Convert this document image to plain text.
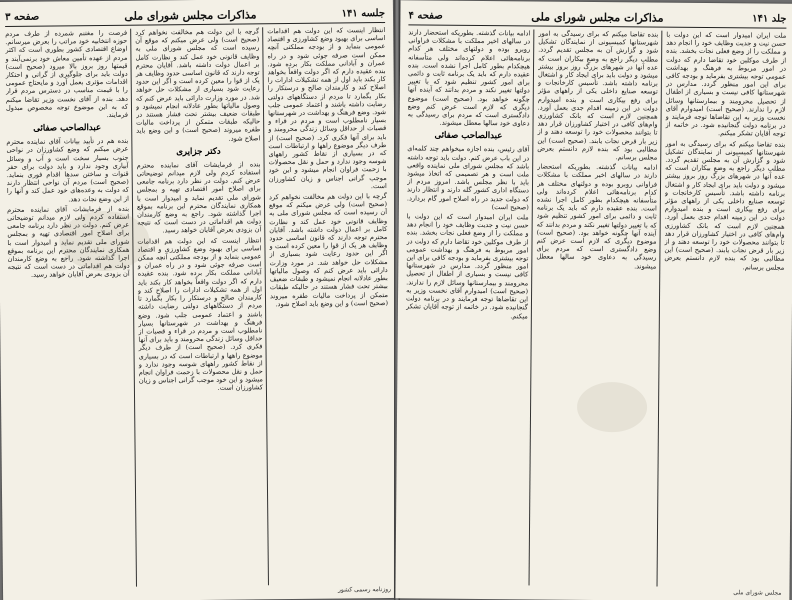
جلسه ۱۴۱
مذاکرات مجلس شورای ملی
صفحه ۳

انتظار اینست که این دولت هم اقدامات اساسی برای بهبود وضع کشاورزی و اقتصاد عمومی بنماید و از بودجه مملکتی آنچه ممکن است صرفه جوئی شود و در راه عمران و آبادانی مملکت بکار برده شود. بنده عقیده دارم که اگر دولت واقعاً بخواهد کار بکند باید اول از همه تشکیلات ادارات را اصلاح کند و کارمندان صالح و درستکار را بکار بگمارد تا مردم از دستگاههای دولتی رضایت داشته باشند و اعتماد عمومی جلب شود. وضع فرهنگ و بهداشت در شهرستانها بسیار نامطلوب است و مردم در قراء و قصبات از حداقل وسائل زندگی محرومند و باید برای آنها فکری کرد. (صحیح است) از طرف دیگر موضوع راهها و ارتباطات است که در بسیاری از نقاط کشور راههای شوسه وجود ندارد و حمل و نقل محصولات با زحمت فراوان انجام میشود و این خود موجب گرانی اجناس و زیان کشاورزان است.

گرچه با این دولت هم مخالفت نخواهم کرد (صحیح است) ولی عرض میکنم که موقع آن رسیده است که مجلس شورای ملی به وظایف قانونی خود عمل کند و نظارت کامل بر اعمال دولت داشته باشد. آقایان محترم توجه دارند که قانون اساسی حدود وظایف هر یک از قوا را معین کرده است و اگر این حدود رعایت شود بسیاری از مشکلات حل خواهد شد. در مورد وزارت دارائی باید عرض کنم که وصول مالیاتها بطور عادلانه انجام نمیشود و طبقات ضعیف بیشتر تحت فشار هستند در حالیکه طبقات متمکن از پرداخت مالیات طفره میروند (صحیح است) و این وضع باید اصلاح شود.

گرچه با این دولت هم مخالفت نخواهم کرد (صحیح است) ولی عرض میکنم که موقع آن رسیده است که مجلس شورای ملی به وظایف قانونی خود عمل کند و نظارت کامل بر اعمال دولت داشته باشد. آقایان محترم توجه دارند که قانون اساسی حدود وظایف هر یک از قوا را معین کرده است و اگر این حدود رعایت شود بسیاری از مشکلات حل خواهد شد. در مورد وزارت دارائی باید عرض کنم که وصول مالیاتها بطور عادلانه انجام نمیشود و طبقات ضعیف بیشتر تحت فشار هستند در حالیکه طبقات متمکن از پرداخت مالیات طفره میروند (صحیح است) و این وضع باید اصلاح شود.

دکتر جزایری

بنده از فرمایشات آقای نماینده محترم استفاده کردم ولی لازم میدانم توضیحاتی عرض کنم. دولت در نظر دارد برنامه جامعی برای اصلاح امور اقتصادی تهیه و بمجلس شورای ملی تقدیم نماید و امیدوار است با همکاری نمایندگان محترم این برنامه بموقع اجرا گذاشته شود. راجع به وضع کارمندان دولت هم اقداماتی در دست است که نتیجه آن بزودی بعرض آقایان خواهد رسید.

انتظار اینست که این دولت هم اقدامات اساسی برای بهبود وضع کشاورزی و اقتصاد عمومی بنماید و از بودجه مملکتی آنچه ممکن است صرفه جوئی شود و در راه عمران و آبادانی مملکت بکار برده شود. بنده عقیده دارم که اگر دولت واقعاً بخواهد کار بکند باید اول از همه تشکیلات ادارات را اصلاح کند و کارمندان صالح و درستکار را بکار بگمارد تا مردم از دستگاههای دولتی رضایت داشته باشند و اعتماد عمومی جلب شود. وضع فرهنگ و بهداشت در شهرستانها بسیار نامطلوب است و مردم در قراء و قصبات از حداقل وسائل زندگی محرومند و باید برای آنها فکری کرد. (صحیح است) از طرف دیگر موضوع راهها و ارتباطات است که در بسیاری از نقاط کشور راههای شوسه وجود ندارد و حمل و نقل محصولات با زحمت فراوان انجام میشود و این خود موجب گرانی اجناس و زیان کشاورزان است.

فرصت را مغتنم شمرده از طرف مردم حوزه انتخابیه خود مراتب را بعرض میرسانم. اوضاع اقتصادی کشور بطوری است که اکثر مردم از عهده تأمین معاش خود برنمی‌آیند و قیمتها روز بروز بالا میرود (صحیح است) دولت باید برای جلوگیری از گرانی و احتکار اقدامات مؤثری بعمل آورد و مایحتاج عمومی را با قیمت مناسب در دسترس مردم قرار دهد. بنده از آقای نخست وزیر تقاضا میکنم که به این موضوع توجه مخصوص مبذول فرمایند.

عبدالصاحب صفائی

بنده هم در تأیید بیانات آقای نماینده محترم عرض میکنم که وضع کشاورزان در نواحی جنوب بسیار سخت است و آب و وسائل آبیاری وجود ندارد و باید دولت برای حفر قنوات و ساختن سدها اقدام فوری بنماید. (صحیح است) مردم آن نواحی انتظار دارند که دولت به وعده‌های خود عمل کند و آنها را از این وضع نجات دهد.

بنده از فرمایشات آقای نماینده محترم استفاده کردم ولی لازم میدانم توضیحاتی عرض کنم. دولت در نظر دارد برنامه جامعی برای اصلاح امور اقتصادی تهیه و بمجلس شورای ملی تقدیم نماید و امیدوار است با همکاری نمایندگان محترم این برنامه بموقع اجرا گذاشته شود. راجع به وضع کارمندان دولت هم اقداماتی در دست است که نتیجه آن بزودی بعرض آقایان خواهد رسید.

روزنامه رسمی کشور
جلد ۱۴۱
مذاکرات مجلس شورای ملی
صفحه ۴

ملت ایران امیدوار است که این دولت با حسن نیت و جدیت وظایف خود را انجام دهد و مملکت را از وضع فعلی نجات بخشد. بنده از طرف موکلین خود تقاضا دارم که دولت در امور مربوط به فرهنگ و بهداشت عمومی توجه بیشتری بفرماید و بودجه کافی برای این امور منظور گردد. مدارس در شهرستانها کافی نیست و بسیاری از اطفال از تحصیل محرومند و بیمارستانها وسائل لازم را ندارند. (صحیح است) امیدوارم آقای نخست وزیر به این تقاضاها توجه فرمایند و در برنامه دولت گنجانیده شود. در خاتمه از توجه آقایان تشکر میکنم.

بنده تقاضا میکنم که برای رسیدگی به امور شهرستانها کمیسیونی از نمایندگان تشکیل شود و گزارش آن به مجلس تقدیم گردد. مطلب دیگر راجع به وضع بیکاران است که عده آنها در شهرهای بزرگ روز بروز بیشتر میشود و دولت باید برای ایجاد کار و اشتغال برنامه داشته باشد. تأسیس کارخانجات و توسعه صنایع داخلی یکی از راههای مؤثر برای رفع بیکاری است و بنده امیدوارم دولت در این زمینه اقدام جدی بعمل آورد. همچنین لازم است که بانک کشاورزی وام‌های کافی در اختیار کشاورزان قرار دهد تا بتوانند محصولات خود را توسعه دهند و از زیر بار قرض نجات یابند. (صحیح است) این مطالبی بود که بنده لازم دانستم بعرض مجلس برسانم.

بنده تقاضا میکنم که برای رسیدگی به امور شهرستانها کمیسیونی از نمایندگان تشکیل شود و گزارش آن به مجلس تقدیم گردد. مطلب دیگر راجع به وضع بیکاران است که عده آنها در شهرهای بزرگ روز بروز بیشتر میشود و دولت باید برای ایجاد کار و اشتغال برنامه داشته باشد. تأسیس کارخانجات و توسعه صنایع داخلی یکی از راههای مؤثر برای رفع بیکاری است و بنده امیدوارم دولت در این زمینه اقدام جدی بعمل آورد. همچنین لازم است که بانک کشاورزی وام‌های کافی در اختیار کشاورزان قرار دهد تا بتوانند محصولات خود را توسعه دهند و از زیر بار قرض نجات یابند. (صحیح است) این مطالبی بود که بنده لازم دانستم بعرض مجلس برسانم.

ادامه بیانات گذشته. بطوریکه استحضار دارند در سالهای اخیر مملکت با مشکلات فراوانی روبرو بوده و دولتهای مختلف هر کدام برنامه‌هائی اعلام کرده‌اند ولی متأسفانه هیچکدام بطور کامل اجرا نشده است. بنده عقیده دارم که باید یک برنامه ثابت و دائمی برای امور کشور تنظیم شود که با تغییر دولتها تغییر نکند و مردم بدانند که آینده آنها چگونه خواهد بود. (صحیح است) موضوع دیگری که لازم است عرض کنم وضع دادگستری است که مردم برای رسیدگی به دعاوی خود سالها معطل میشوند.

ادامه بیانات گذشته. بطوریکه استحضار دارند در سالهای اخیر مملکت با مشکلات فراوانی روبرو بوده و دولتهای مختلف هر کدام برنامه‌هائی اعلام کرده‌اند ولی متأسفانه هیچکدام بطور کامل اجرا نشده است. بنده عقیده دارم که باید یک برنامه ثابت و دائمی برای امور کشور تنظیم شود که با تغییر دولتها تغییر نکند و مردم بدانند که آینده آنها چگونه خواهد بود. (صحیح است) موضوع دیگری که لازم است عرض کنم وضع دادگستری است که مردم برای رسیدگی به دعاوی خود سالها معطل میشوند.

عبدالصاحب صفائی

آقای رئیس، بنده اجازه میخواهم چند کلمه‌ای در این باب عرض کنم. دولت باید توجه داشته باشد که مجلس شورای ملی نماینده واقعی ملت است و هر تصمیمی که اتخاذ میشود باید با نظر مجلس باشد. امروز مردم از دستگاه اداری کشور گله دارند و انتظار دارند که دولت جدید در راه اصلاح امور گام بردارد. (صحیح است)

ملت ایران امیدوار است که این دولت با حسن نیت و جدیت وظایف خود را انجام دهد و مملکت را از وضع فعلی نجات بخشد. بنده از طرف موکلین خود تقاضا دارم که دولت در امور مربوط به فرهنگ و بهداشت عمومی توجه بیشتری بفرماید و بودجه کافی برای این امور منظور گردد. مدارس در شهرستانها کافی نیست و بسیاری از اطفال از تحصیل محرومند و بیمارستانها وسائل لازم را ندارند. (صحیح است) امیدوارم آقای نخست وزیر به این تقاضاها توجه فرمایند و در برنامه دولت گنجانیده شود. در خاتمه از توجه آقایان تشکر میکنم.

مجلس شورای ملی
